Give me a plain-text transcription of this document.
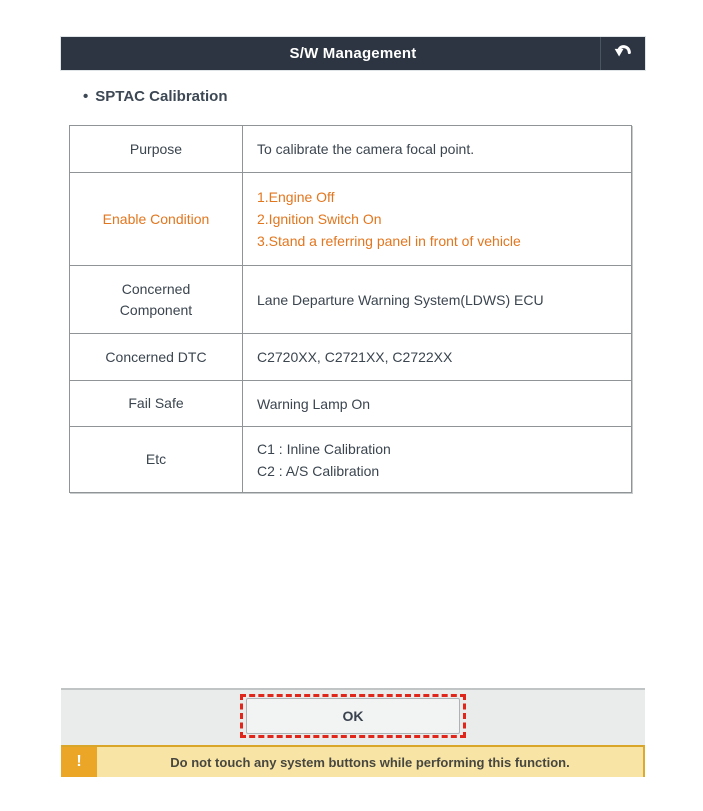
S/W Management
• SPTAC Calibration
Purpose	To calibrate the camera focal point.

Enable Condition	1.Engine Off
2.Ignition Switch On
3.Stand a referring panel in front of vehicle

Concerned
Component	Lane Departure Warning System(LDWS) ECU

Concerned DTC	C2720XX, C2721XX, C2722XX

Fail Safe	Warning Lamp On

Etc	C1 : Inline Calibration
C2 : A/S Calibration
OK
!	Do not touch any system buttons while performing this function.
